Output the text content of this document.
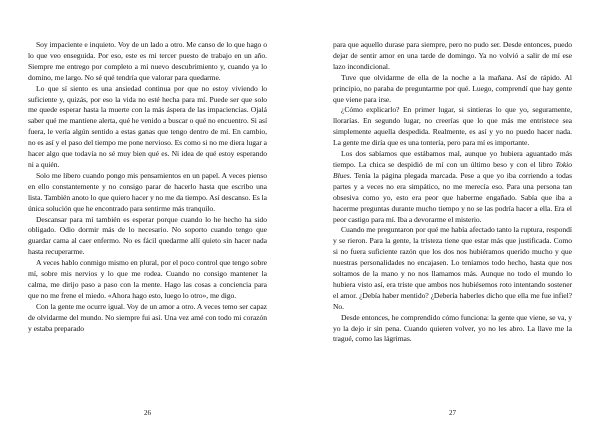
Soy impaciente e inquieto. Voy de un lado a otro. Me canso de lo que hago o lo que veo enseguida. Por eso, este es mi tercer puesto de trabajo en un año. Siempre me entrego por completo a mi nuevo descubrimiento y, cuando ya lo domino, me largo. No sé qué tendría que valorar para quedarme.

Lo que sí siento es una ansiedad continua por que no estoy viviendo lo suficiente y, quizás, por eso la vida no esté hecha para mí. Puede ser que solo me quede esperar hasta la muerte con la más áspera de las impaciencias. Ojalá saber qué me mantiene alerta, qué he venido a buscar o qué no encuentro. Si así fuera, le vería algún sentido a estas ganas que tengo dentro de mí. En cambio, no es así y el paso del tiempo me pone nervioso. Es como si no me diera lugar a hacer algo que todavía no sé muy bien qué es. Ni idea de qué estoy esperando ni a quién.

Solo me libero cuando pongo mis pensamientos en un papel. A veces pienso en ello constantemente y no consigo parar de hacerlo hasta que escribo una lista. También anoto lo que quiero hacer y no me da tiempo. Así descanso. Es la única solución que he encontrado para sentirme más tranquilo.

Descansar para mí también es esperar porque cuando lo he hecho ha sido obligado. Odio dormir más de lo necesario. No soporto cuando tengo que guardar cama al caer enfermo. No es fácil quedarme allí quieto sin hacer nada hasta recuperarme.

A veces hablo conmigo mismo en plural, por el poco control que tengo sobre mí, sobre mis nervios y lo que me rodea. Cuando no consigo mantener la calma, me dirijo paso a paso con la mente. Hago las cosas a conciencia para que no me frene el miedo. «Ahora hago esto, luego lo otro», me digo.

Con la gente me ocurre igual. Voy de un amor a otro. A veces temo ser capaz de olvidarme del mundo. No siempre fui así. Una vez amé con todo mi corazón y estaba preparado

26

para que aquello durase para siempre, pero no pudo ser. Desde entonces, puedo dejar de sentir amor en una tarde de domingo. Ya no volvió a salir de mí ese lazo incondicional.

Tuve que olvidarme de ella de la noche a la mañana. Así de rápido. Al principio, no paraba de preguntarme por qué. Luego, comprendí que hay gente que viene para irse.

¿Cómo explicarlo? En primer lugar, si sintieras lo que yo, seguramente, llorarías. En segundo lugar, no creerías que lo que más me entristece sea simplemente aquella despedida. Realmente, es así y yo no puedo hacer nada. La gente me diría que es una tontería, pero para mí es importante.

Los dos sabíamos que estábamos mal, aunque yo hubiera aguantado más tiempo. La chica se despidió de mí con un último beso y con el libro Tokio Blues. Tenía la página plegada marcada. Pese a que yo iba corriendo a todas partes y a veces no era simpático, no me merecía eso. Para una persona tan obsesiva como yo, esto era peor que haberme engañado. Sabía que iba a hacerme preguntas durante mucho tiempo y no se las podría hacer a ella. Era el peor castigo para mí. Iba a devorarme el misterio.

Cuando me preguntaron por qué me había afectado tanto la ruptura, respondí y se rieron. Para la gente, la tristeza tiene que estar más que justificada. Como si no fuera suficiente razón que los dos nos hubiéramos querido mucho y que nuestras personalidades no encajasen. Lo teníamos todo hecho, hasta que nos soltamos de la mano y no nos llamamos más. Aunque no todo el mundo lo hubiera visto así, era triste que ambos nos hubiésemos roto intentando sostener el amor. ¿Debía haber mentido? ¿Debería haberles dicho que ella me fue infiel? No.

Desde entonces, he comprendido cómo funciona: la gente que viene, se va, y yo la dejo ir sin pena. Cuando quieren volver, yo no les abro. La llave me la tragué, como las lágrimas.

27
